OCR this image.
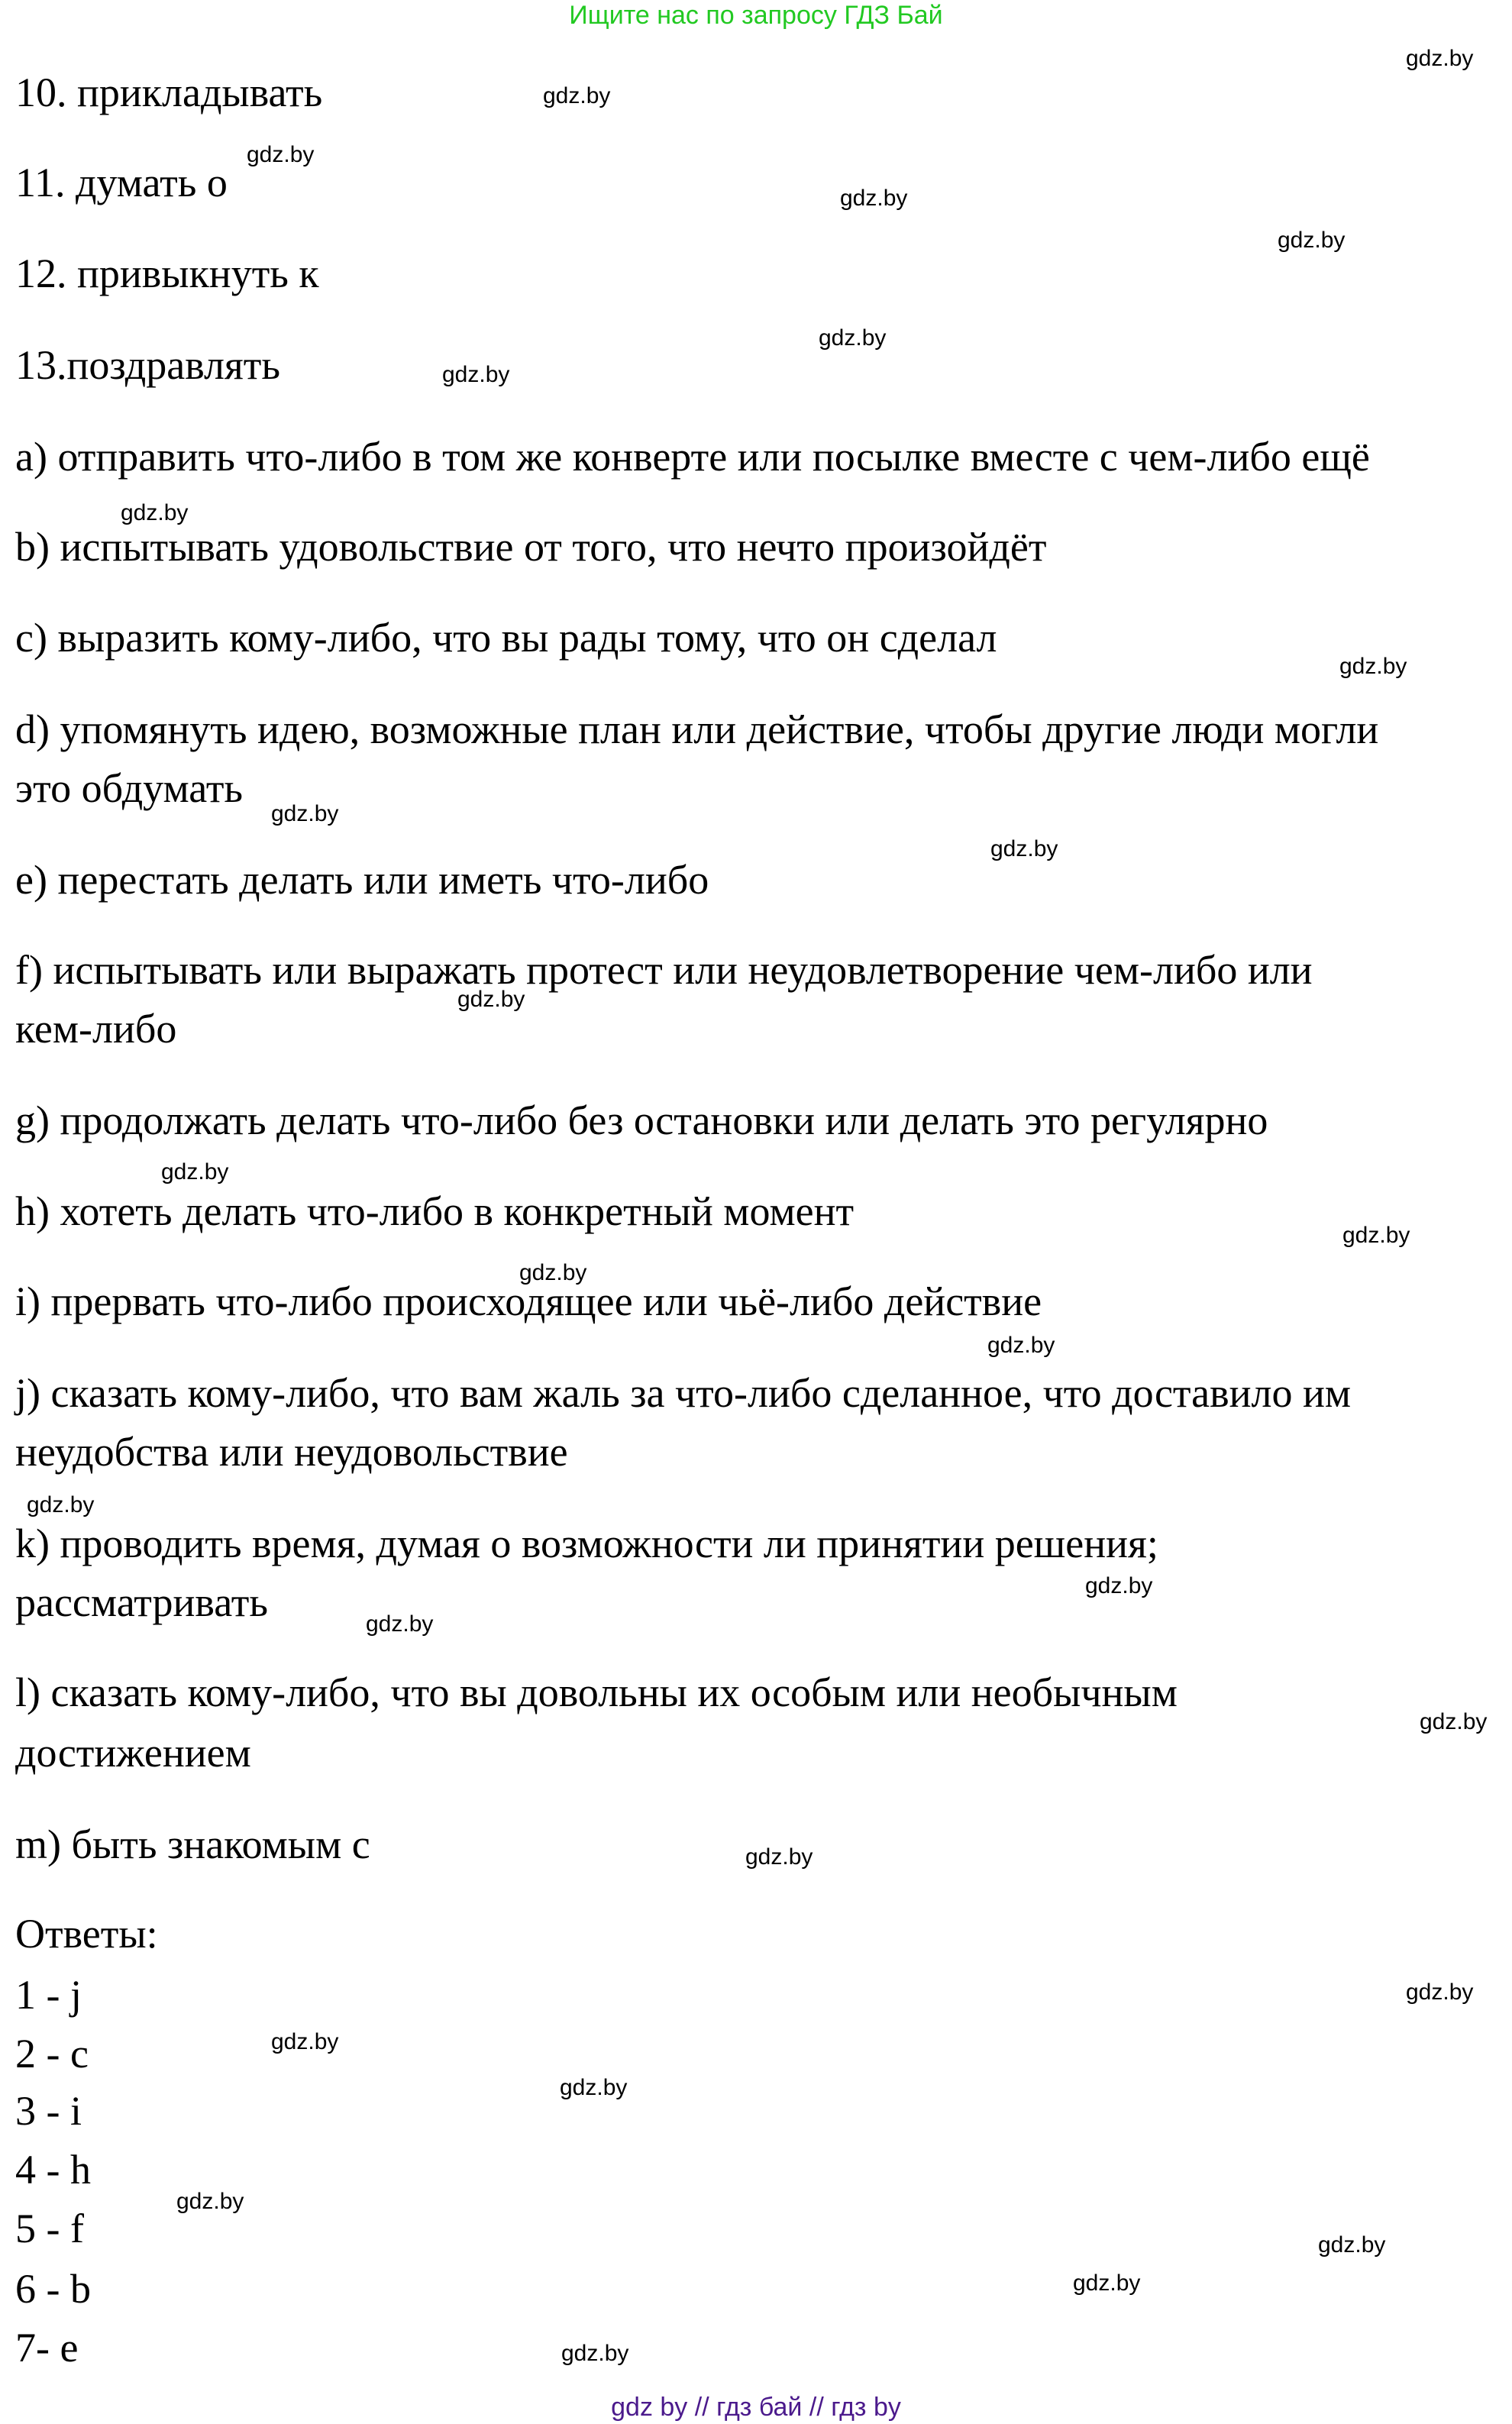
Ищите нас по запросу ГДЗ Бай
10. прикладывать
11. думать о
12. привыкнуть к
13.поздравлять
a) отправить что-либо в том же конверте или посылке вместе с чем-либо ещё
b) испытывать удовольствие от того, что нечто произойдёт
c) выразить кому-либо, что вы рады тому, что он сделал
d) упомянуть идею, возможные план или действие, чтобы другие люди могли
это обдумать
e) перестать делать или иметь что-либо
f) испытывать или выражать протест или неудовлетворение чем-либо или
кем-либо
g) продолжать делать что-либо без остановки или делать это регулярно
h) хотеть делать что-либо в конкретный момент
i) прервать что-либо происходящее или чьё-либо действие
j) сказать кому-либо, что вам жаль за что-либо сделанное, что доставило им
неудобства или неудовольствие
k) проводить время, думая о возможности ли принятии решения;
рассматривать
l) сказать кому-либо, что вы довольны их особым или необычным
достижением
m) быть знакомым с
Ответы:
1 - j
2 - c
3 - i
4 - h
5 - f
6 - b
7- e
gdz.by
gdz.by
gdz.by
gdz.by
gdz.by
gdz.by
gdz.by
gdz.by
gdz.by
gdz.by
gdz.by
gdz.by
gdz.by
gdz.by
gdz.by
gdz.by
gdz.by
gdz.by
gdz.by
gdz.by
gdz.by
gdz.by
gdz.by
gdz.by
gdz.by
gdz.by
gdz.by
gdz.by
gdz by // гдз бай // гдз by
